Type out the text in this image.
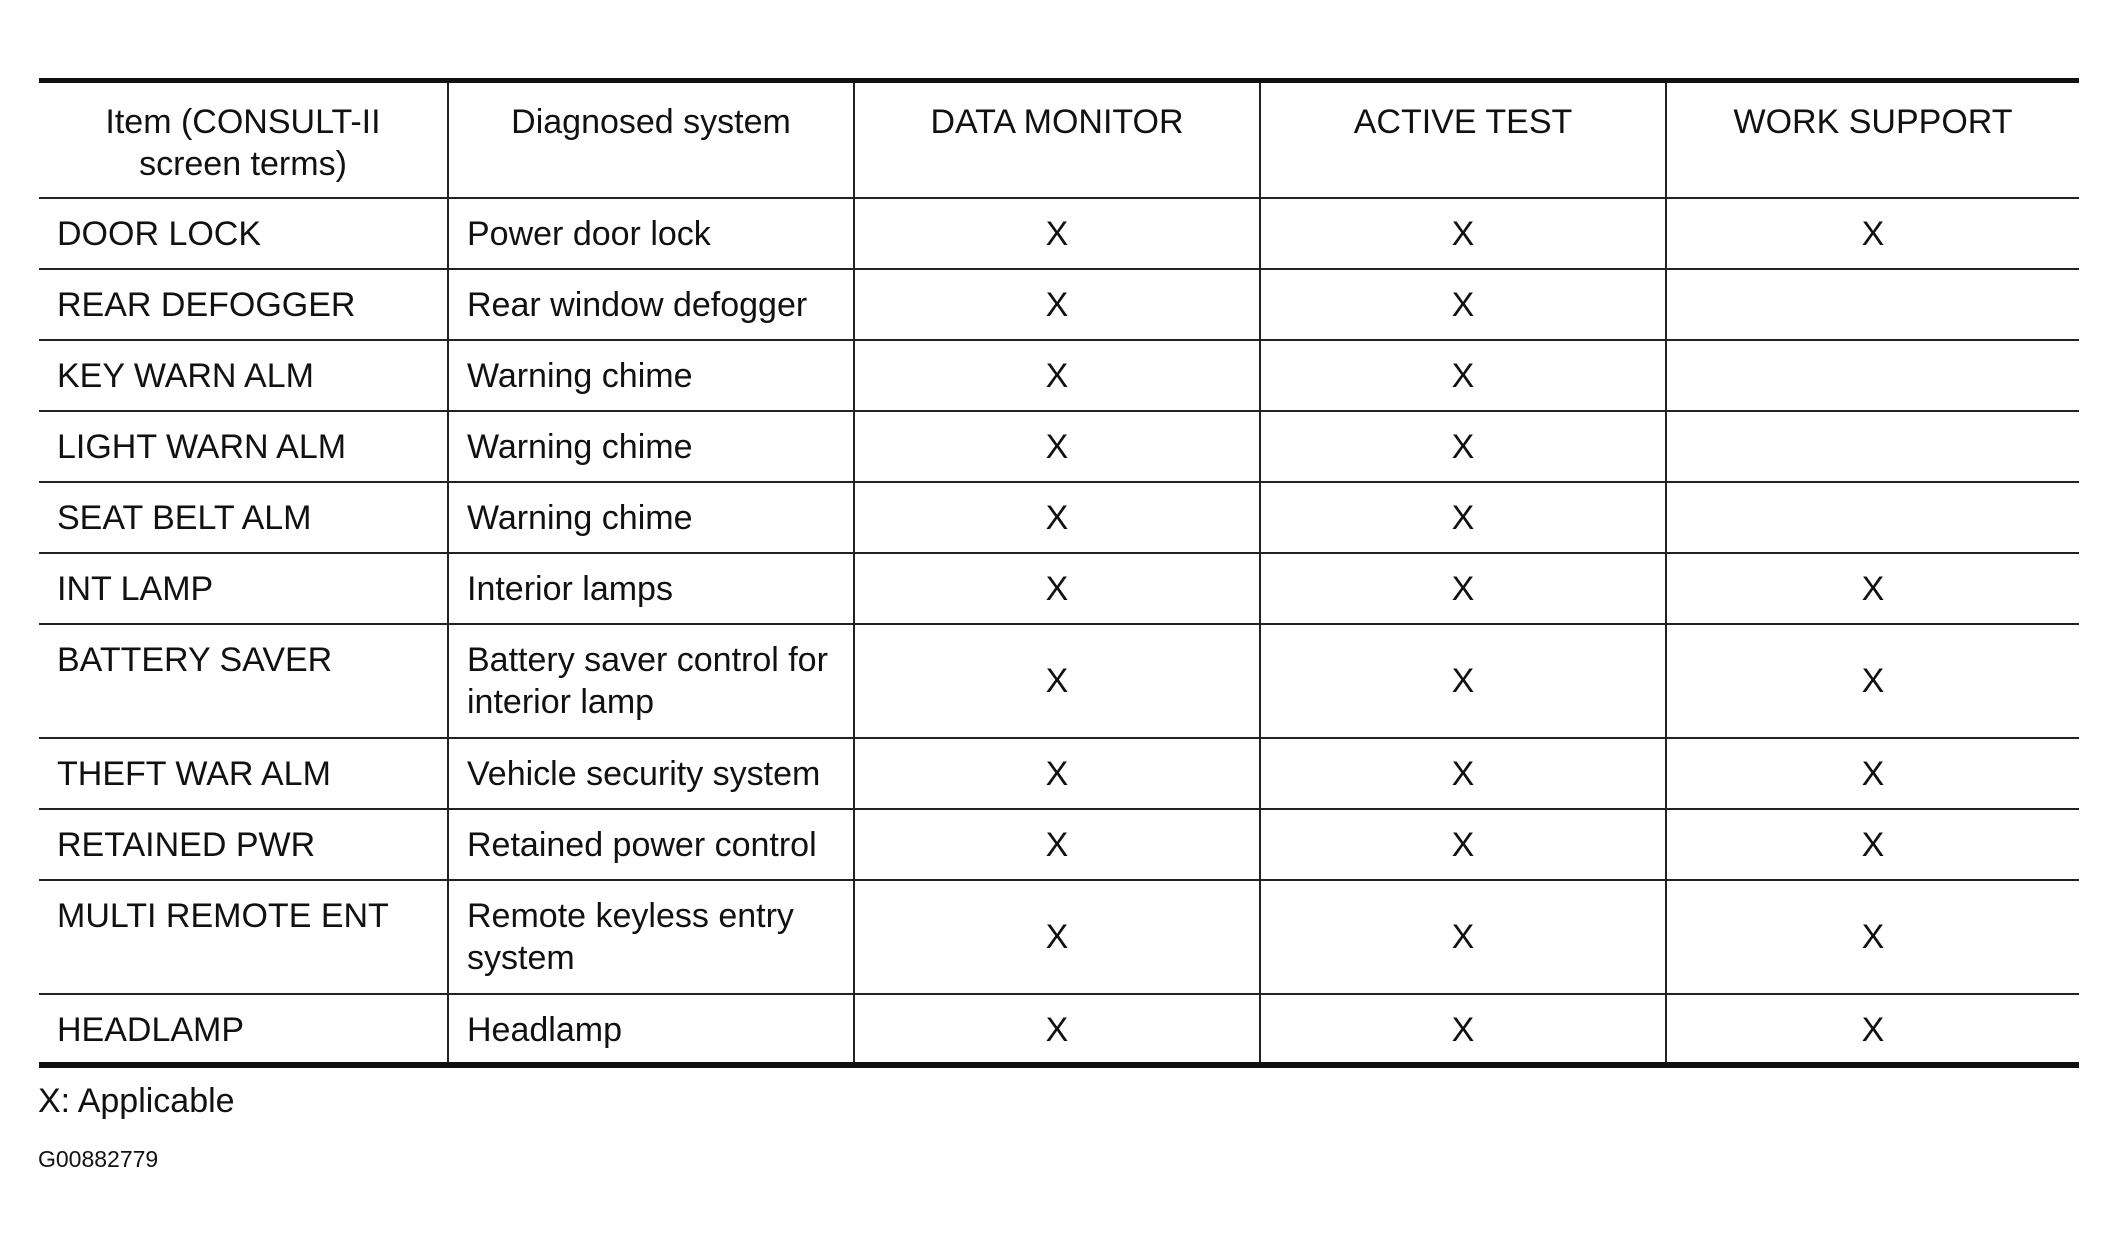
Item (CONSULT-II screen terms)	Diagnosed system	DATA MONITOR	ACTIVE TEST	WORK SUPPORT
DOOR LOCK	Power door lock	X	X	X
REAR DEFOGGER	Rear window defogger	X	X	
KEY WARN ALM	Warning chime	X	X	
LIGHT WARN ALM	Warning chime	X	X	
SEAT BELT ALM	Warning chime	X	X	
INT LAMP	Interior lamps	X	X	X
BATTERY SAVER	Battery saver control for interior lamp	X	X	X
THEFT WAR ALM	Vehicle security system	X	X	X
RETAINED PWR	Retained power control	X	X	X
MULTI REMOTE ENT	Remote keyless entry system	X	X	X
HEADLAMP	Headlamp	X	X	X
X: Applicable
G00882779
